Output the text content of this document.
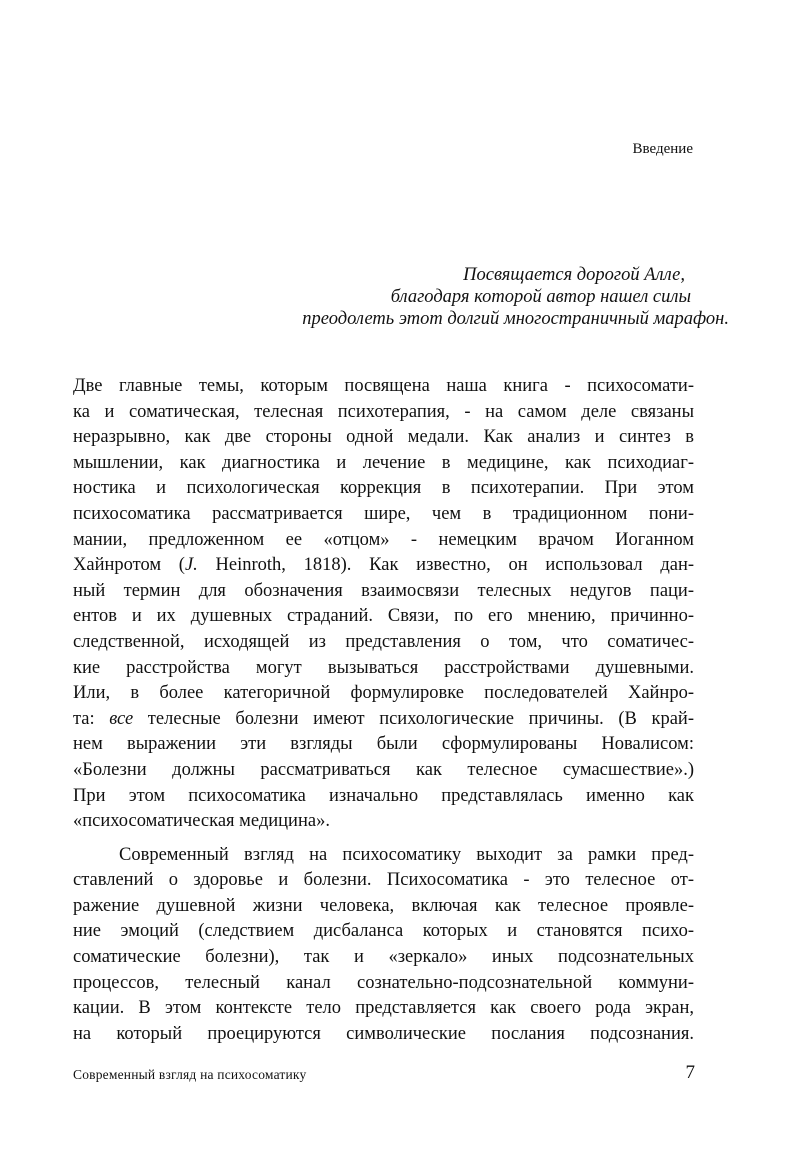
Введение
Посвящается дорогой Алле,
благодаря которой автор нашел силы
преодолеть этот долгий многостраничный марафон.
Две главные темы, которым посвящена наша книга - психосомати-
ка и соматическая, телесная психотерапия, - на самом деле связаны
неразрывно, как две стороны одной медали. Как анализ и синтез в
мышлении, как диагностика и лечение в медицине, как психодиаг-
ностика и психологическая коррекция в психотерапии. При этом
психосоматика рассматривается шире, чем в традиционном пони-
мании, предложенном ее «отцом» - немецким врачом Иоганном
Хайнротом (J. Heinroth, 1818). Как известно, он использовал дан-
ный термин для обозначения взаимосвязи телесных недугов паци-
ентов и их душевных страданий. Связи, по его мнению, причинно-
следственной, исходящей из представления о том, что соматичес-
кие расстройства могут вызываться расстройствами душевными.
Или, в более категоричной формулировке последователей Хайнро-
та: все телесные болезни имеют психологические причины. (В край-
нем выражении эти взгляды были сформулированы Новалисом:
«Болезни должны рассматриваться как телесное сумасшествие».)
При этом психосоматика изначально представлялась именно как
«психосоматическая медицина».
Современный взгляд на психосоматику выходит за рамки пред-
ставлений о здоровье и болезни. Психосоматика - это телесное от-
ражение душевной жизни человека, включая как телесное проявле-
ние эмоций (следствием дисбаланса которых и становятся психо-
соматические болезни), так и «зеркало» иных подсознательных
процессов, телесный канал сознательно-подсознательной коммуни-
кации. В этом контексте тело представляется как своего рода экран,
на который проецируются символические послания подсознания.
Современный взгляд на психосоматику	7
